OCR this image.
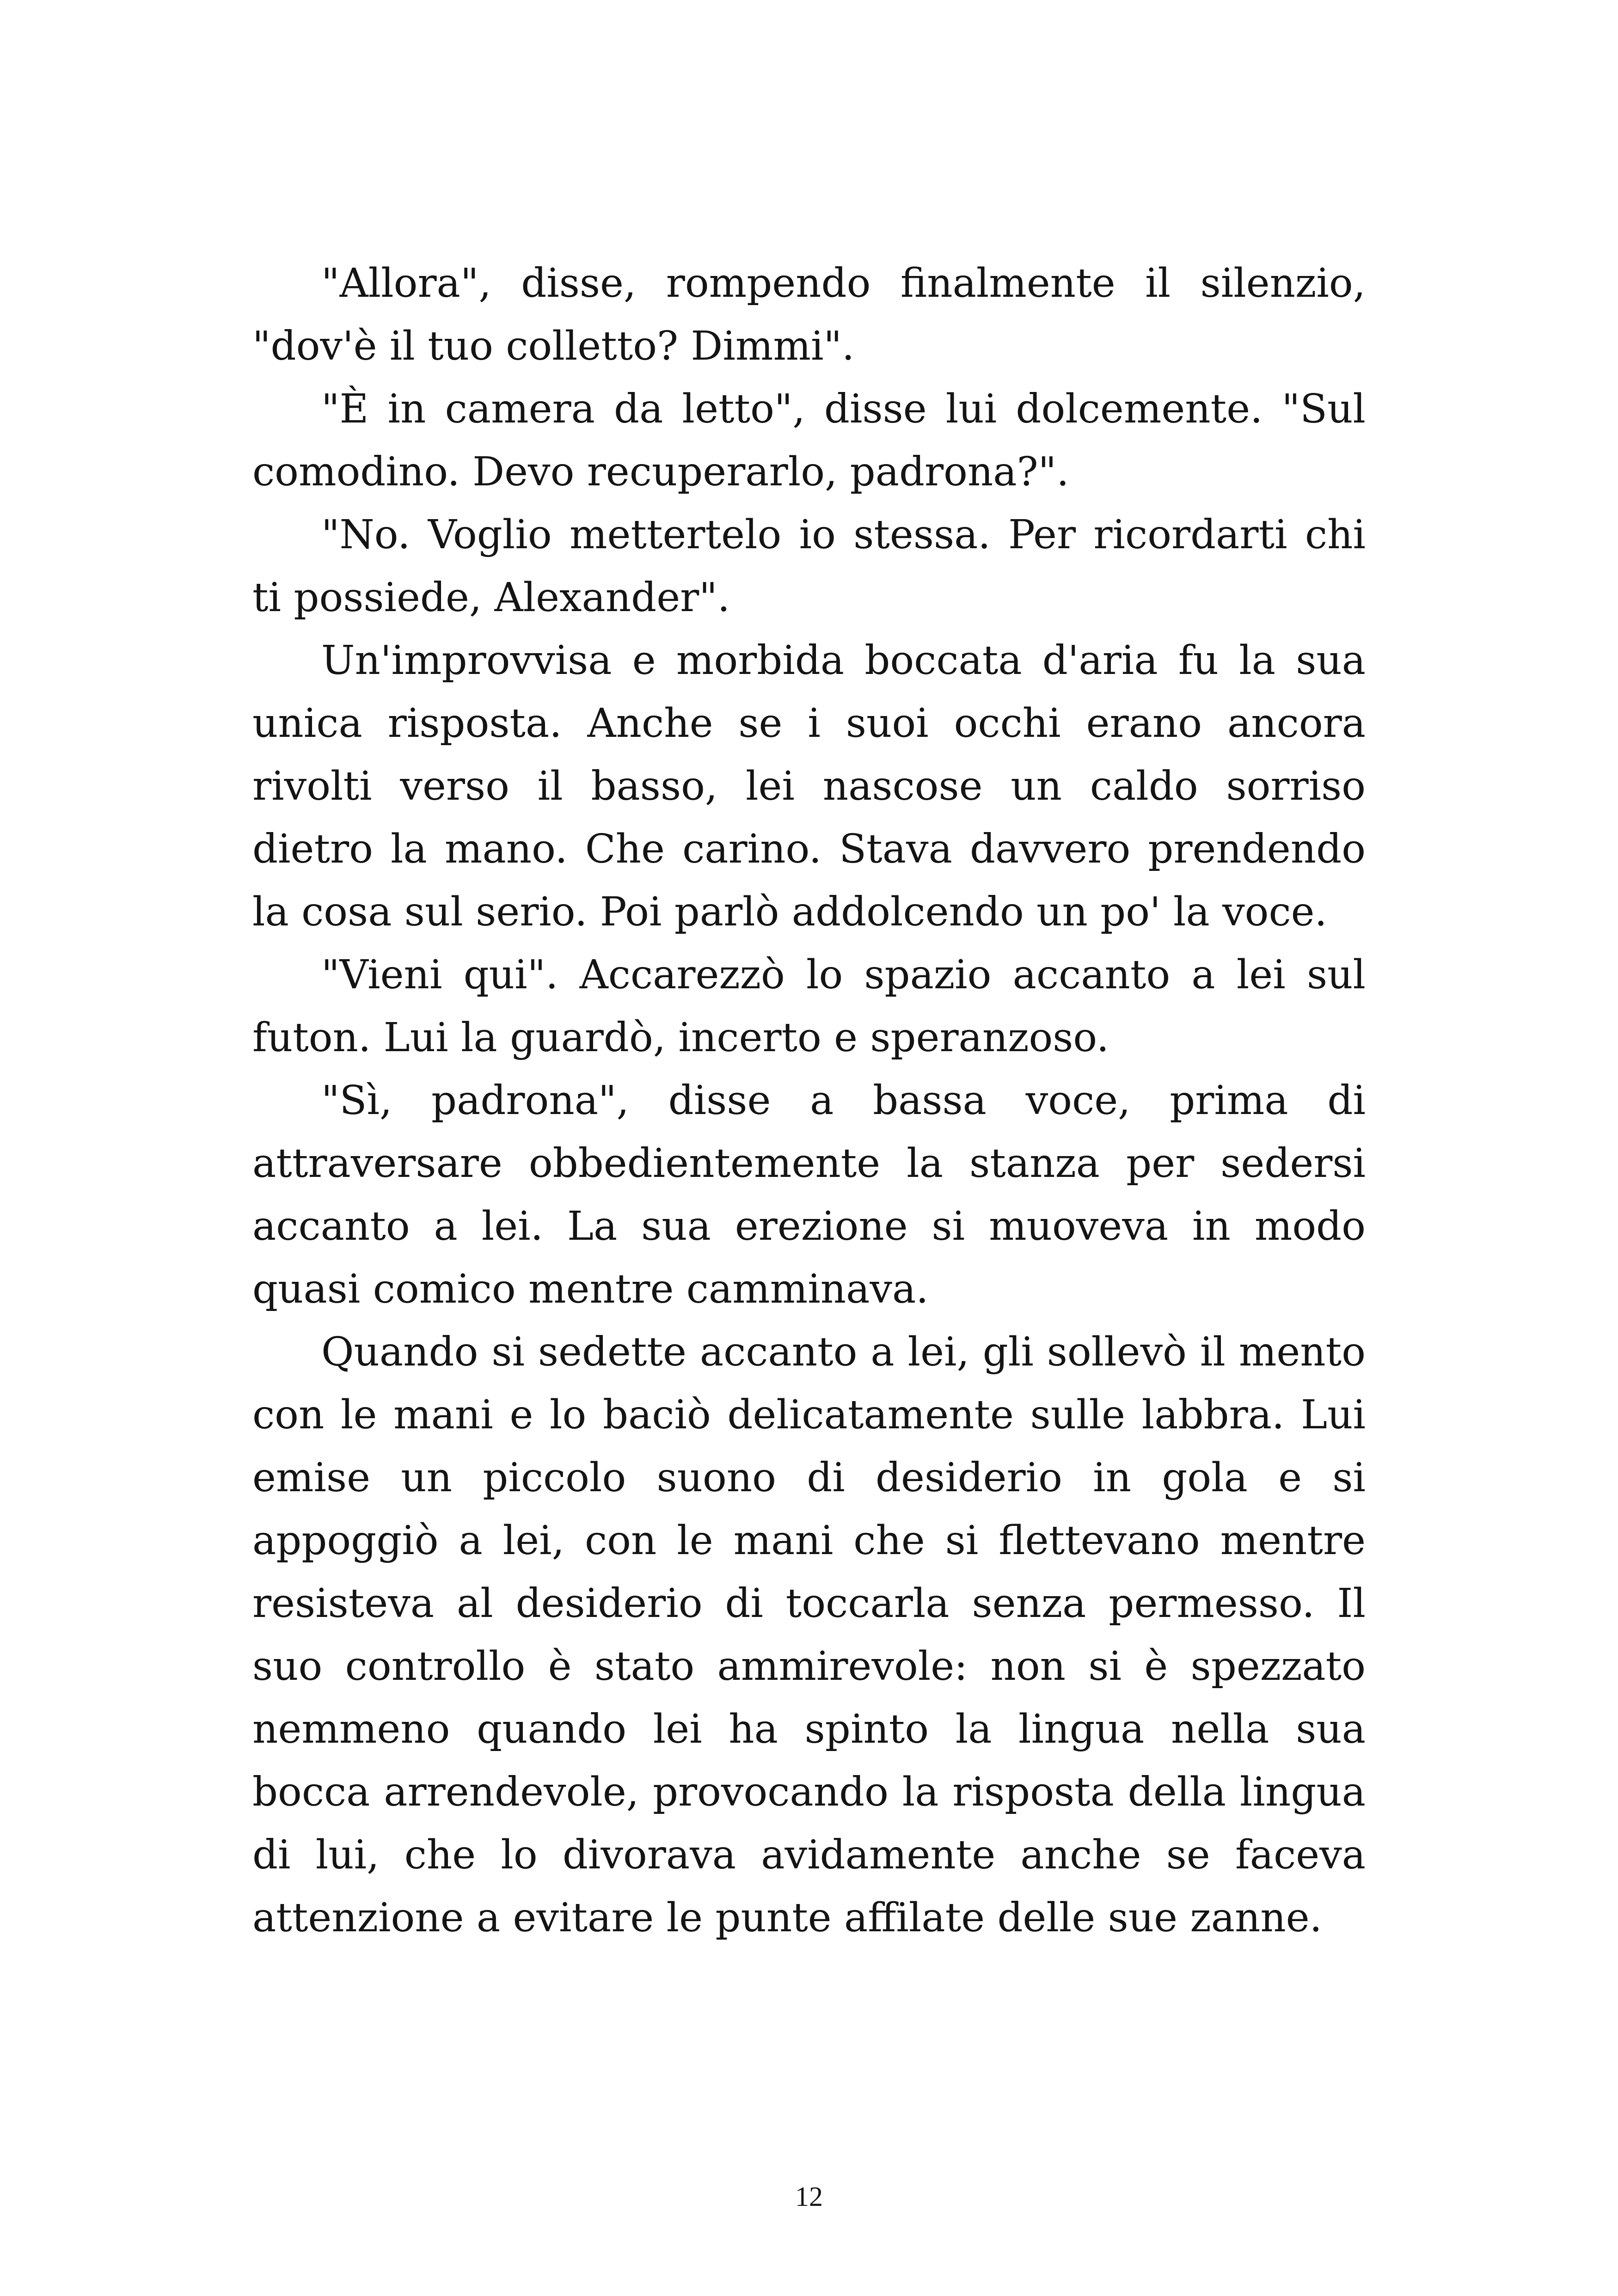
"Allora", disse, rompendo finalmente il silenzio, "dov'è il tuo colletto? Dimmi".

"È in camera da letto", disse lui dolcemente. "Sul comodino. Devo recuperarlo, padrona?".

"No. Voglio mettertelo io stessa. Per ricordarti chi ti possiede, Alexander".

Un'improvvisa e morbida boccata d'aria fu la sua unica risposta. Anche se i suoi occhi erano ancora rivolti verso il basso, lei nascose un caldo sorriso dietro la mano. Che carino. Stava davvero prendendo la cosa sul serio. Poi parlò addolcendo un po' la voce.

"Vieni qui". Accarezzò lo spazio accanto a lei sul futon. Lui la guardò, incerto e speranzoso.

"Sì, padrona", disse a bassa voce, prima di attraversare obbedientemente la stanza per sedersi accanto a lei. La sua erezione si muoveva in modo quasi comico mentre camminava.

Quando si sedette accanto a lei, gli sollevò il mento con le mani e lo baciò delicatamente sulle labbra. Lui emise un piccolo suono di desiderio in gola e si appoggiò a lei, con le mani che si flettevano mentre resisteva al desiderio di toccarla senza permesso. Il suo controllo è stato ammirevole: non si è spezzato nemmeno quando lei ha spinto la lingua nella sua bocca arrendevole, provocando la risposta della lingua di lui, che lo divorava avidamente anche se faceva attenzione a evitare le punte affilate delle sue zanne.

12
